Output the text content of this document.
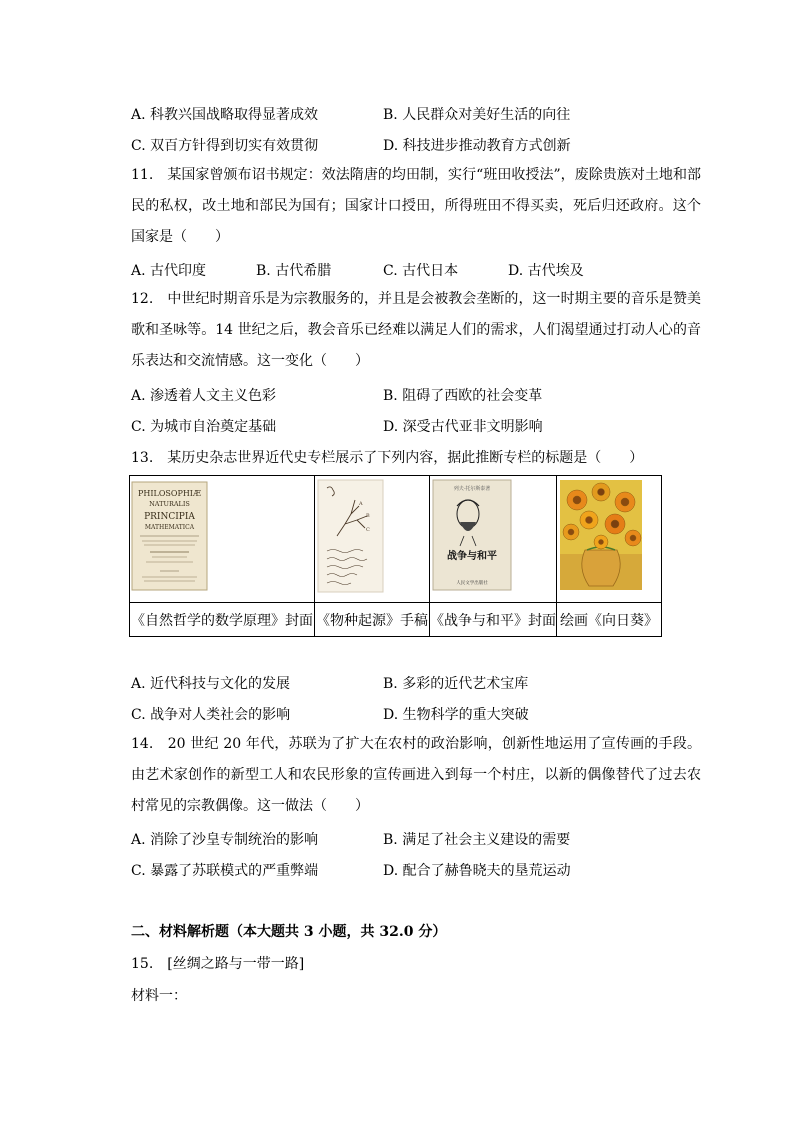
A. 科教兴国战略取得显著成效	B. 人民群众对美好生活的向往
C. 双百方针得到切实有效贯彻	D. 科技进步推动教育方式创新
11.　某国家曾颁布诏书规定：效法隋唐的均田制，实行“班田收授法”，废除贵族对土地和部民的私权，改土地和部民为国有；国家计口授田，所得班田不得买卖，死后归还政府。这个国家是（　　）
A. 古代印度	B. 古代希腊	C. 古代日本	D. 古代埃及
12.　中世纪时期音乐是为宗教服务的，并且是会被教会垄断的，这一时期主要的音乐是赞美歌和圣咏等。14 世纪之后，教会音乐已经难以满足人们的需求，人们渴望通过打动人心的音乐表达和交流情感。这一变化（　　）
A. 渗透着人文主义色彩	B. 阻碍了西欧的社会变革
C. 为城市自治奠定基础	D. 深受古代亚非文明影响
13.　某历史杂志世界近代史专栏展示了下列内容，据此推断专栏的标题是（　　）
PHILOSOPHIÆ
NATURALIS
PRINCIPIA
MATHEMATICA	A
B
C	列夫·托尔斯泰著
战争与和平
人民文学出版社

《自然哲学的数学原理》封面	《物种起源》手稿	《战争与和平》封面	绘画《向日葵》
A. 近代科技与文化的发展	B. 多彩的近代艺术宝库
C. 战争对人类社会的影响	D. 生物科学的重大突破
14.　20 世纪 20 年代，苏联为了扩大在农村的政治影响，创新性地运用了宣传画的手段。由艺术家创作的新型工人和农民形象的宣传画进入到每一个村庄，以新的偶像替代了过去农村常见的宗教偶像。这一做法（　　）
A. 消除了沙皇专制统治的影响	B. 满足了社会主义建设的需要
C. 暴露了苏联模式的严重弊端	D. 配合了赫鲁晓夫的垦荒运动
二、材料解析题（本大题共 3 小题，共 32.0 分）
15.　[丝绸之路与一带一路]
材料一：
